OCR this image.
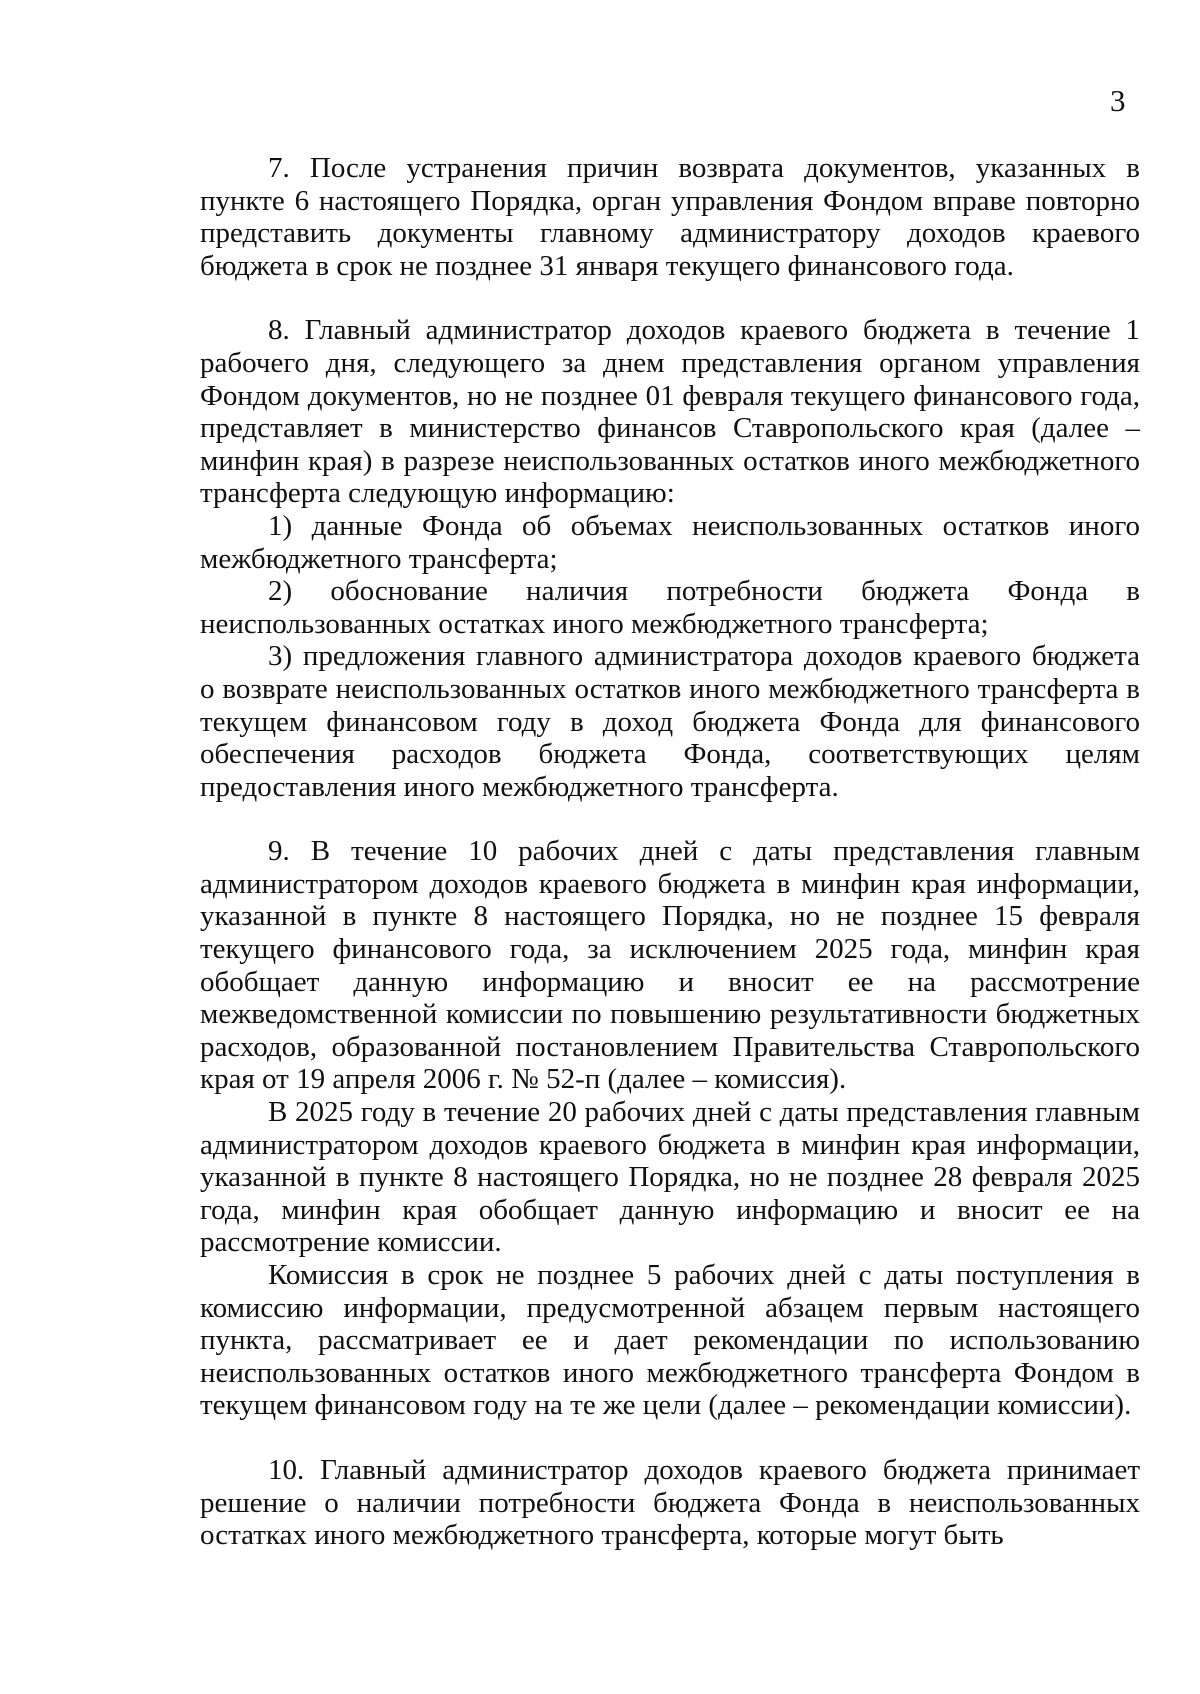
3

7. После устранения причин возврата документов, указанных в пункте 6 настоящего Порядка, орган управления Фондом вправе повторно представить документы главному администратору доходов краевого бюджета в срок не позднее 31 января текущего финансового года.

8. Главный администратор доходов краевого бюджета в течение 1 рабочего дня, следующего за днем представления органом управления Фондом документов, но не позднее 01 февраля текущего финансового года, представляет в министерство финансов Ставропольского края (далее – минфин края) в разрезе неиспользованных остатков иного межбюджетного трансферта следующую информацию:

1) данные Фонда об объемах неиспользованных остатков иного межбюджетного трансферта;

2) обоснование наличия потребности бюджета Фонда в неиспользованных остатках иного межбюджетного трансферта;

3) предложения главного администратора доходов краевого бюджета о возврате неиспользованных остатков иного межбюджетного трансферта в текущем финансовом году в доход бюджета Фонда для финансового обеспечения расходов бюджета Фонда, соответствующих целям предоставления иного межбюджетного трансферта.

9. В течение 10 рабочих дней с даты представления главным администратором доходов краевого бюджета в минфин края информации, указанной в пункте 8 настоящего Порядка, но не позднее 15 февраля текущего финансового года, за исключением 2025 года, минфин края обобщает данную информацию и вносит ее на рассмотрение межведомственной комиссии по повышению результативности бюджетных расходов, образованной постановлением Правительства Ставропольского края от 19 апреля 2006 г. № 52-п (далее – комиссия).

В 2025 году в течение 20 рабочих дней с даты представления главным администратором доходов краевого бюджета в минфин края информации, указанной в пункте 8 настоящего Порядка, но не позднее 28 февраля 2025 года, минфин края обобщает данную информацию и вносит ее на рассмотрение комиссии.

Комиссия в срок не позднее 5 рабочих дней с даты поступления в комиссию информации, предусмотренной абзацем первым настоящего пункта, рассматривает ее и дает рекомендации по использованию неиспользованных остатков иного межбюджетного трансферта Фондом в текущем финансовом году на те же цели (далее – рекомендации комиссии).

10. Главный администратор доходов краевого бюджета принимает решение о наличии потребности бюджета Фонда в неиспользованных остатках иного межбюджетного трансферта, которые могут быть
